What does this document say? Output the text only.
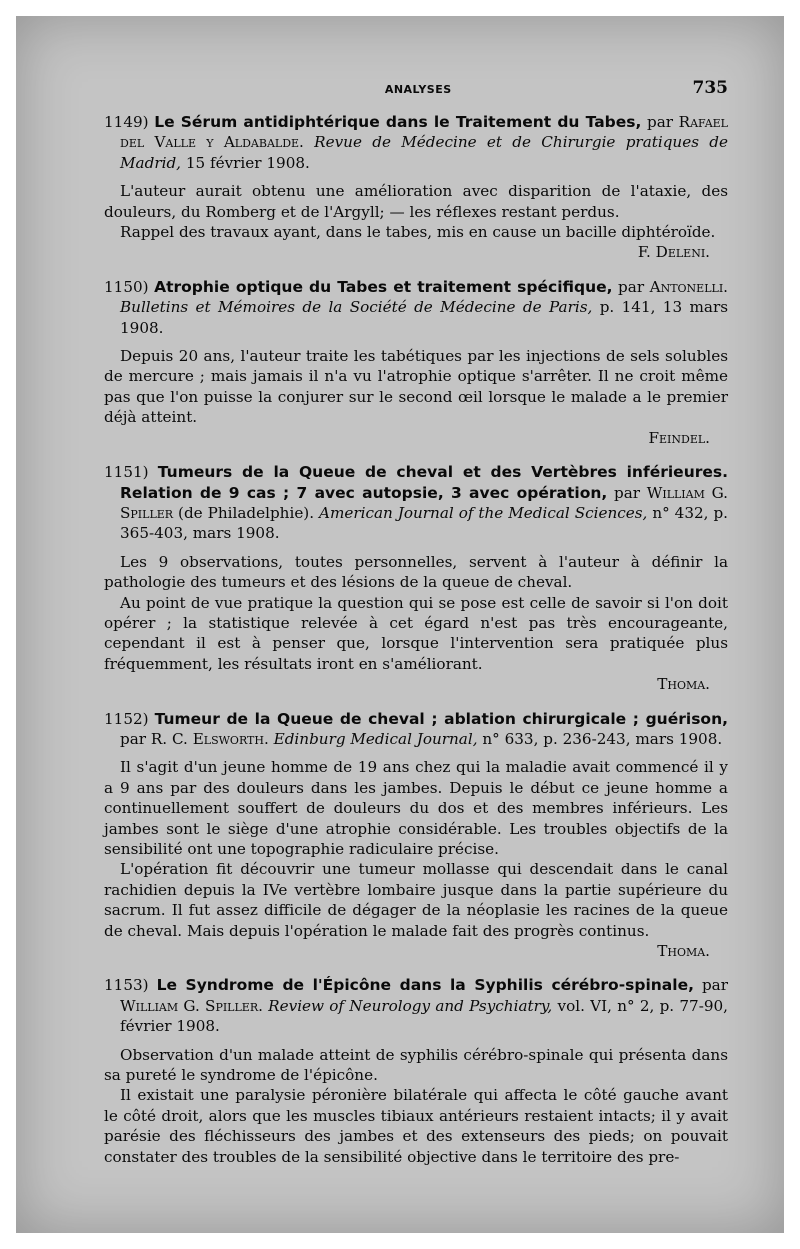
ANALYSES	735

1149) Le Sérum antidiphtérique dans le Traitement du Tabes, par Rafael del Valle y Aldabalde. Revue de Médecine et de Chirurgie pratiques de Madrid, 15 février 1908.

L'auteur aurait obtenu une amélioration avec disparition de l'ataxie, des douleurs, du Romberg et de l'Argyll; — les réflexes restant perdus.

Rappel des travaux ayant, dans le tabes, mis en cause un bacille diphtéroïde.

F. Deleni.

1150) Atrophie optique du Tabes et traitement spécifique, par Antonelli. Bulletins et Mémoires de la Société de Médecine de Paris, p. 141, 13 mars 1908.

Depuis 20 ans, l'auteur traite les tabétiques par les injections de sels solubles de mercure ; mais jamais il n'a vu l'atrophie optique s'arrêter. Il ne croit même pas que l'on puisse la conjurer sur le second œil lorsque le malade a le premier déjà atteint.

Feindel.

1151) Tumeurs de la Queue de cheval et des Vertèbres inférieures. Relation de 9 cas ; 7 avec autopsie, 3 avec opération, par William G. Spiller (de Philadelphie). American Journal of the Medical Sciences, n° 432, p. 365-403, mars 1908.

Les 9 observations, toutes personnelles, servent à l'auteur à définir la pathologie des tumeurs et des lésions de la queue de cheval.

Au point de vue pratique la question qui se pose est celle de savoir si l'on doit opérer ; la statistique relevée à cet égard n'est pas très encourageante, cependant il est à penser que, lorsque l'intervention sera pratiquée plus fréquemment, les résultats iront en s'améliorant.

Thoma.

1152) Tumeur de la Queue de cheval ; ablation chirurgicale ; guérison, par R. C. Elsworth. Edinburg Medical Journal, n° 633, p. 236-243, mars 1908.

Il s'agit d'un jeune homme de 19 ans chez qui la maladie avait commencé il y a 9 ans par des douleurs dans les jambes. Depuis le début ce jeune homme a continuellement souffert de douleurs du dos et des membres inférieurs. Les jambes sont le siège d'une atrophie considérable. Les troubles objectifs de la sensibilité ont une topographie radiculaire précise.

L'opération fit découvrir une tumeur mollasse qui descendait dans le canal rachidien depuis la IVe vertèbre lombaire jusque dans la partie supérieure du sacrum. Il fut assez difficile de dégager de la néoplasie les racines de la queue de cheval. Mais depuis l'opération le malade fait des progrès continus.

Thoma.

1153) Le Syndrome de l'Épicône dans la Syphilis cérébro-spinale, par William G. Spiller. Review of Neurology and Psychiatry, vol. VI, n° 2, p. 77-90, février 1908.

Observation d'un malade atteint de syphilis cérébro-spinale qui présenta dans sa pureté le syndrome de l'épicône.

Il existait une paralysie péronière bilatérale qui affecta le côté gauche avant le côté droit, alors que les muscles tibiaux antérieurs restaient intacts; il y avait parésie des fléchisseurs des jambes et des extenseurs des pieds; on pouvait constater des troubles de la sensibilité objective dans le territoire des pre-
